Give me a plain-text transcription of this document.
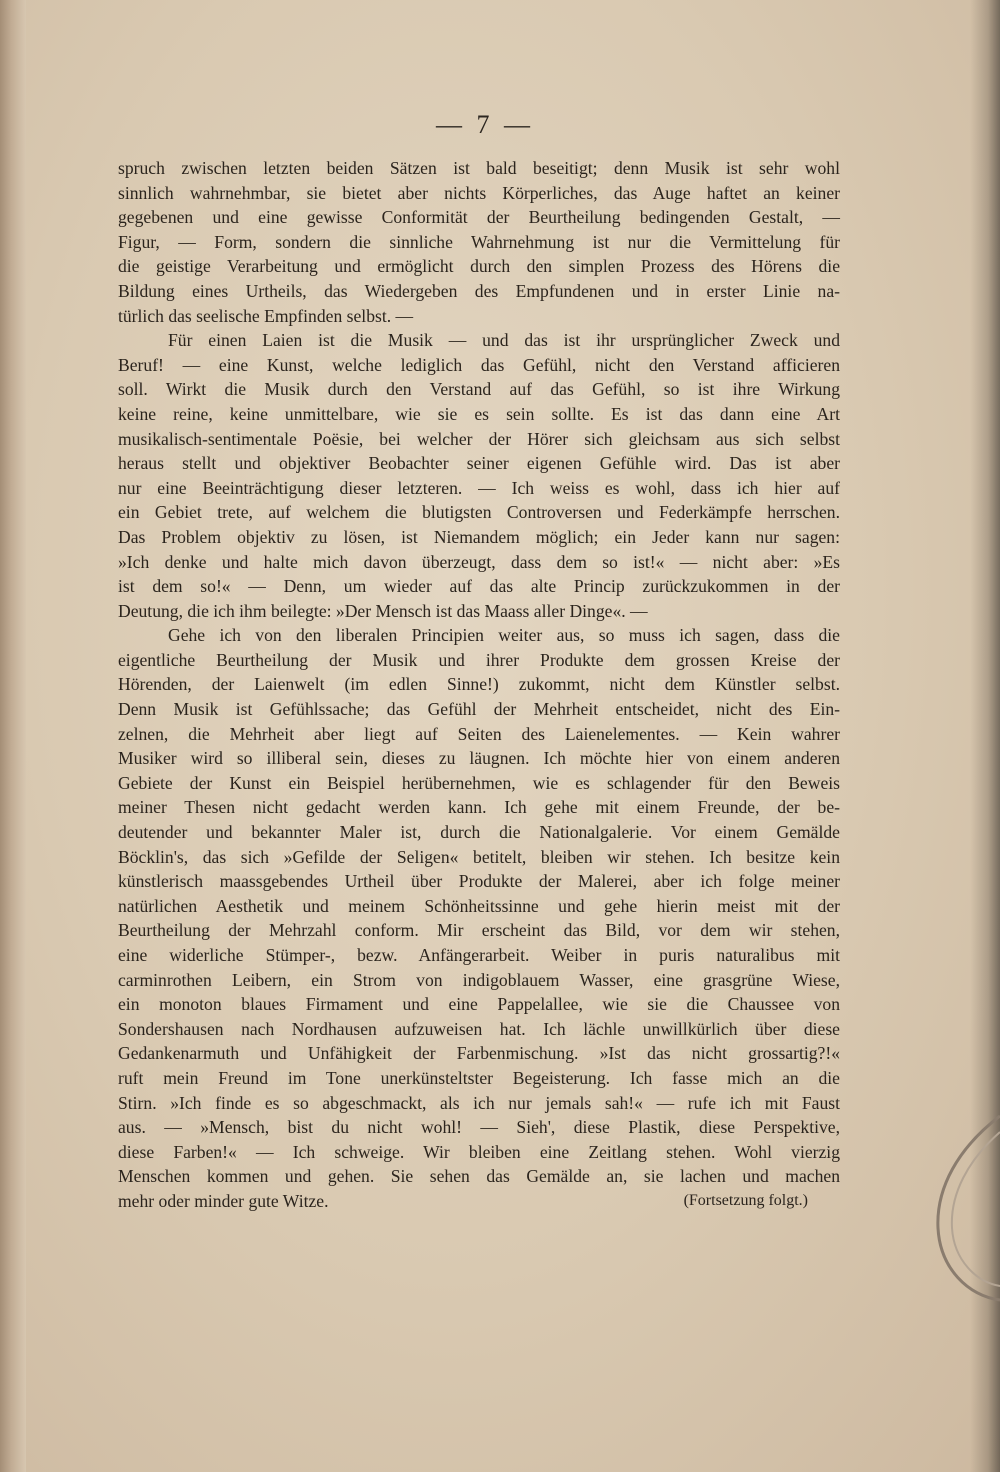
— 7 —
spruch zwischen letzten beiden Sätzen ist bald beseitigt; denn Musik ist sehr wohl
sinnlich wahrnehmbar, sie bietet aber nichts Körperliches, das Auge haftet an keiner
gegebenen und eine gewisse Conformität der Beurtheilung bedingenden Gestalt, —
Figur, — Form, sondern die sinnliche Wahrnehmung ist nur die Vermittelung für
die geistige Verarbeitung und ermöglicht durch den simplen Prozess des Hörens die
Bildung eines Urtheils, das Wiedergeben des Empfundenen und in erster Linie na-
türlich das seelische Empfinden selbst. —
Für einen Laien ist die Musik — und das ist ihr ursprünglicher Zweck und
Beruf! — eine Kunst, welche lediglich das Gefühl, nicht den Verstand afficieren
soll. Wirkt die Musik durch den Verstand auf das Gefühl, so ist ihre Wirkung
keine reine, keine unmittelbare, wie sie es sein sollte. Es ist das dann eine Art
musikalisch-sentimentale Poësie, bei welcher der Hörer sich gleichsam aus sich selbst
heraus stellt und objektiver Beobachter seiner eigenen Gefühle wird. Das ist aber
nur eine Beeinträchtigung dieser letzteren. — Ich weiss es wohl, dass ich hier auf
ein Gebiet trete, auf welchem die blutigsten Controversen und Federkämpfe herrschen.
Das Problem objektiv zu lösen, ist Niemandem möglich; ein Jeder kann nur sagen:
»Ich denke und halte mich davon überzeugt, dass dem so ist!« — nicht aber: »Es
ist dem so!« — Denn, um wieder auf das alte Princip zurückzukommen in der
Deutung, die ich ihm beilegte: »Der Mensch ist das Maass aller Dinge«. —
Gehe ich von den liberalen Principien weiter aus, so muss ich sagen, dass die
eigentliche Beurtheilung der Musik und ihrer Produkte dem grossen Kreise der
Hörenden, der Laienwelt (im edlen Sinne!) zukommt, nicht dem Künstler selbst.
Denn Musik ist Gefühlssache; das Gefühl der Mehrheit entscheidet, nicht des Ein-
zelnen, die Mehrheit aber liegt auf Seiten des Laienelementes. — Kein wahrer
Musiker wird so illiberal sein, dieses zu läugnen. Ich möchte hier von einem anderen
Gebiete der Kunst ein Beispiel herübernehmen, wie es schlagender für den Beweis
meiner Thesen nicht gedacht werden kann. Ich gehe mit einem Freunde, der be-
deutender und bekannter Maler ist, durch die Nationalgalerie. Vor einem Gemälde
Böcklin's, das sich »Gefilde der Seligen« betitelt, bleiben wir stehen. Ich besitze kein
künstlerisch maassgebendes Urtheil über Produkte der Malerei, aber ich folge meiner
natürlichen Aesthetik und meinem Schönheitssinne und gehe hierin meist mit der
Beurtheilung der Mehrzahl conform. Mir erscheint das Bild, vor dem wir stehen,
eine widerliche Stümper-, bezw. Anfängerarbeit. Weiber in puris naturalibus mit
carminrothen Leibern, ein Strom von indigoblauem Wasser, eine grasgrüne Wiese,
ein monoton blaues Firmament und eine Pappelallee, wie sie die Chaussee von
Sondershausen nach Nordhausen aufzuweisen hat. Ich lächle unwillkürlich über diese
Gedankenarmuth und Unfähigkeit der Farbenmischung. »Ist das nicht grossartig?!«
ruft mein Freund im Tone unerkünsteltster Begeisterung. Ich fasse mich an die
Stirn. »Ich finde es so abgeschmackt, als ich nur jemals sah!« — rufe ich mit Faust
aus. — »Mensch, bist du nicht wohl! — Sieh', diese Plastik, diese Perspektive,
diese Farben!« — Ich schweige. Wir bleiben eine Zeitlang stehen. Wohl vierzig
Menschen kommen und gehen. Sie sehen das Gemälde an, sie lachen und machen
mehr oder minder gute Witze.	(Fortsetzung folgt.)
